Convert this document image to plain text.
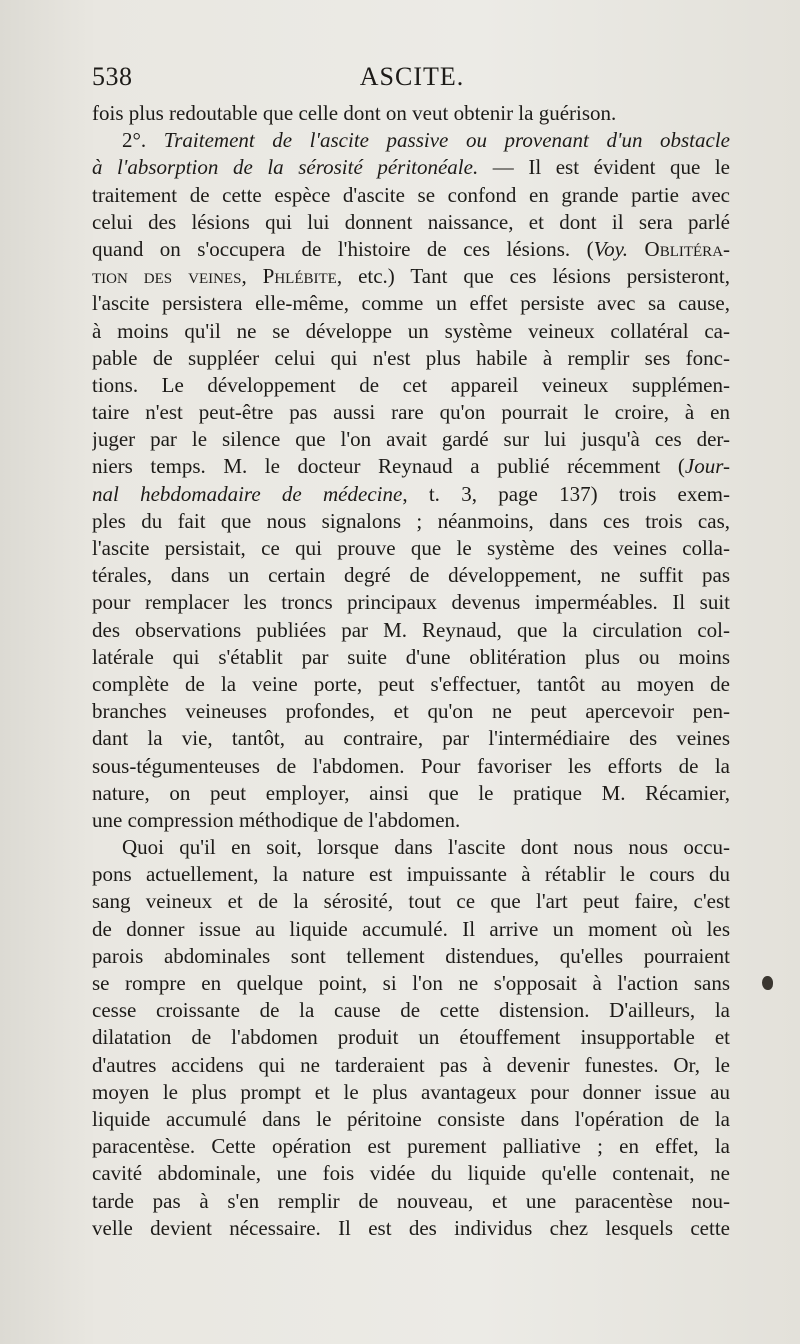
538	ASCITE.
fois plus redoutable que celle dont on veut obtenir la guérison.
2°. Traitement de l'ascite passive ou provenant d'un obstacle
à l'absorption de la sérosité péritonéale. — Il est évident que le
traitement de cette espèce d'ascite se confond en grande partie avec
celui des lésions qui lui donnent naissance, et dont il sera parlé
quand on s'occupera de l'histoire de ces lésions. (Voy. Oblitéra-
tion des veines, Phlébite, etc.) Tant que ces lésions persisteront,
l'ascite persistera elle-même, comme un effet persiste avec sa cause,
à moins qu'il ne se développe un système veineux collatéral ca-
pable de suppléer celui qui n'est plus habile à remplir ses fonc-
tions. Le développement de cet appareil veineux supplémen-
taire n'est peut-être pas aussi rare qu'on pourrait le croire, à en
juger par le silence que l'on avait gardé sur lui jusqu'à ces der-
niers temps. M. le docteur Reynaud a publié récemment (Jour-
nal hebdomadaire de médecine, t. 3, page 137) trois exem-
ples du fait que nous signalons ; néanmoins, dans ces trois cas,
l'ascite persistait, ce qui prouve que le système des veines colla-
térales, dans un certain degré de développement, ne suffit pas
pour remplacer les troncs principaux devenus imperméables. Il suit
des observations publiées par M. Reynaud, que la circulation col-
latérale qui s'établit par suite d'une oblitération plus ou moins
complète de la veine porte, peut s'effectuer, tantôt au moyen de
branches veineuses profondes, et qu'on ne peut apercevoir pen-
dant la vie, tantôt, au contraire, par l'intermédiaire des veines
sous-tégumenteuses de l'abdomen. Pour favoriser les efforts de la
nature, on peut employer, ainsi que le pratique M. Récamier,
une compression méthodique de l'abdomen.
Quoi qu'il en soit, lorsque dans l'ascite dont nous nous occu-
pons actuellement, la nature est impuissante à rétablir le cours du
sang veineux et de la sérosité, tout ce que l'art peut faire, c'est
de donner issue au liquide accumulé. Il arrive un moment où les
parois abdominales sont tellement distendues, qu'elles pourraient
se rompre en quelque point, si l'on ne s'opposait à l'action sans
cesse croissante de la cause de cette distension. D'ailleurs, la
dilatation de l'abdomen produit un étouffement insupportable et
d'autres accidens qui ne tarderaient pas à devenir funestes. Or, le
moyen le plus prompt et le plus avantageux pour donner issue au
liquide accumulé dans le péritoine consiste dans l'opération de la
paracentèse. Cette opération est purement palliative ; en effet, la
cavité abdominale, une fois vidée du liquide qu'elle contenait, ne
tarde pas à s'en remplir de nouveau, et une paracentèse nou-
velle devient nécessaire. Il est des individus chez lesquels cette
